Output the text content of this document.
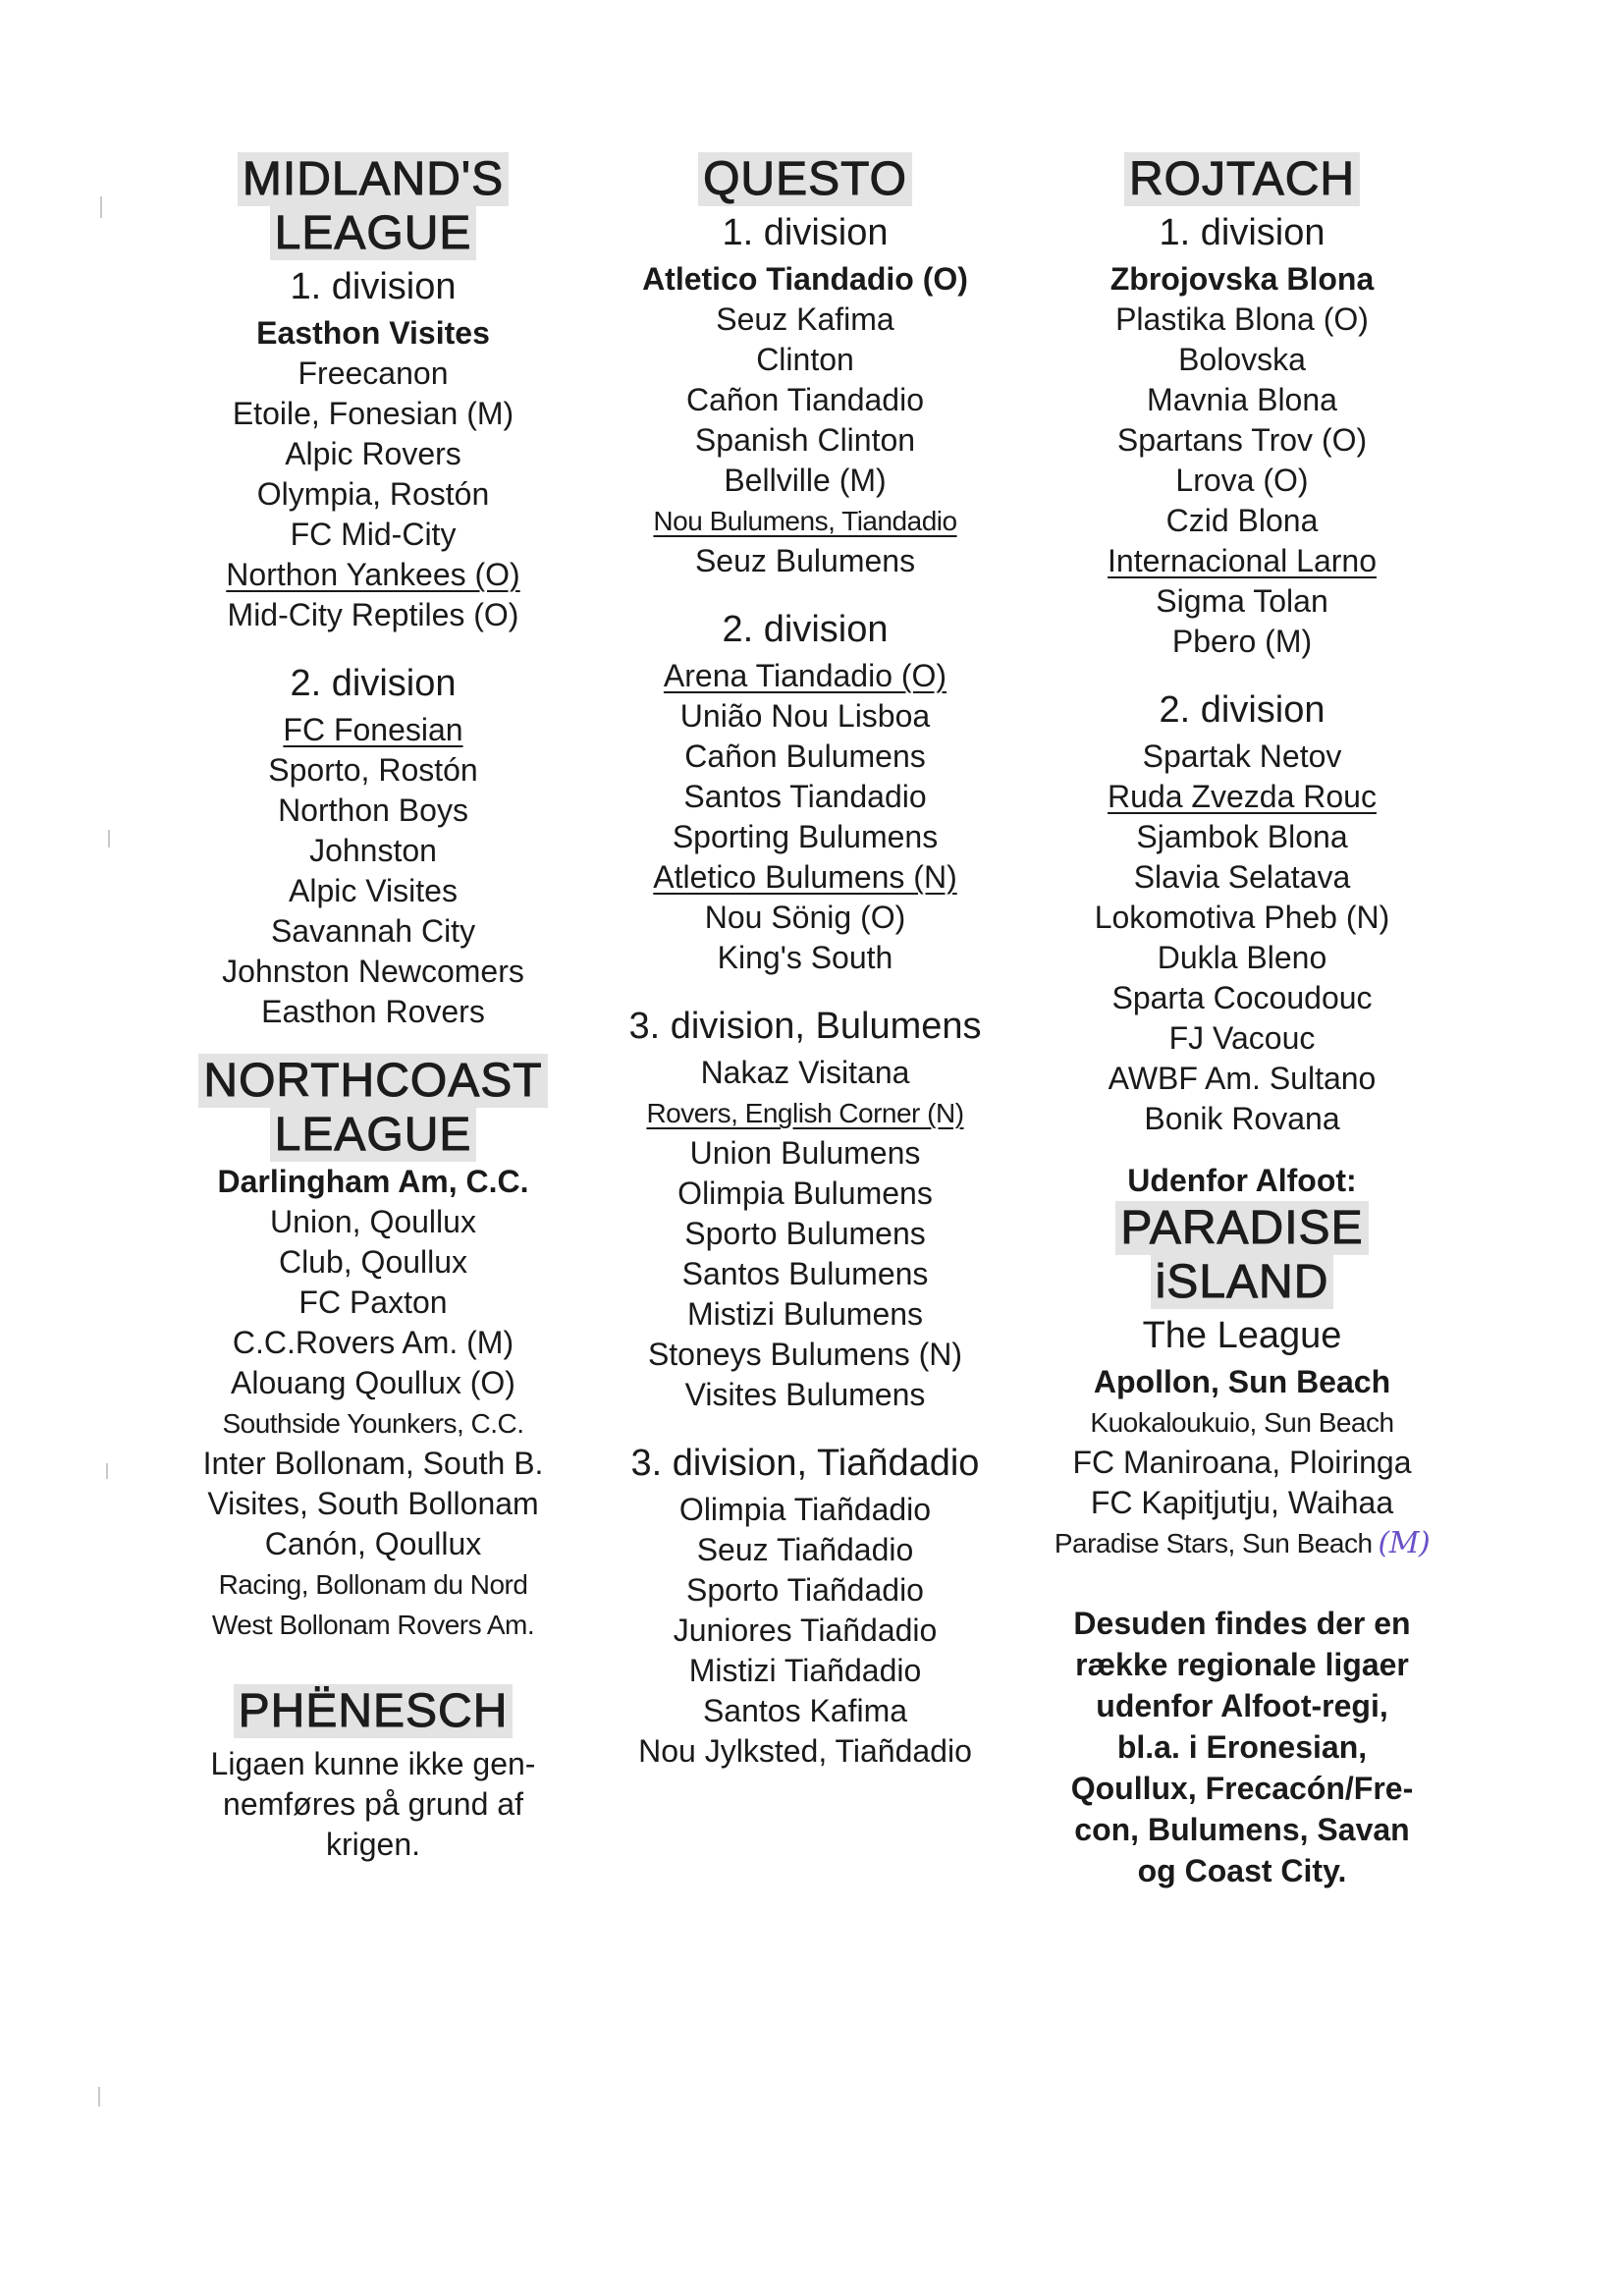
MIDLAND'S
LEAGUE
1. division
Easthon Visites
Freecanon
Etoile, Fonesian (M)
Alpic Rovers
Olympia, Rostón
FC Mid-City
Northon Yankees (O)
Mid-City Reptiles (O)
2. division
FC Fonesian
Sporto, Rostón
Northon Boys
Johnston
Alpic Visites
Savannah City
Johnston Newcomers
Easthon Rovers
NORTHCOAST
LEAGUE
Darlingham Am, C.C.
Union, Qoullux
Club, Qoullux
FC Paxton
C.C.Rovers Am. (M)
Alouang Qoullux (O)
Southside Younkers, C.C.
Inter Bollonam, South B.
Visites, South Bollonam
Canón, Qoullux
Racing, Bollonam du Nord
West Bollonam Rovers Am.
PHËNESCH
Ligaen kunne ikke gen-
nemføres på grund af
krigen.
QUESTO
1. division
Atletico Tiandadio (O)
Seuz Kafima
Clinton
Cañon Tiandadio
Spanish Clinton
Bellville (M)
Nou Bulumens, Tiandadio
Seuz Bulumens
2. division
Arena Tiandadio (O)
União Nou Lisboa
Cañon Bulumens
Santos Tiandadio
Sporting Bulumens
Atletico Bulumens (N)
Nou Sönig (O)
King's South
3. division, Bulumens
Nakaz Visitana
Rovers, English Corner (N)
Union Bulumens
Olimpia Bulumens
Sporto Bulumens
Santos Bulumens
Mistizi Bulumens
Stoneys Bulumens (N)
Visites Bulumens
3. division, Tiañdadio
Olimpia Tiañdadio
Seuz Tiañdadio
Sporto Tiañdadio
Juniores Tiañdadio
Mistizi Tiañdadio
Santos Kafima
Nou Jylksted, Tiañdadio
ROJTACH
1. division
Zbrojovska Blona
Plastika Blona (O)
Bolovska
Mavnia Blona
Spartans Trov (O)
Lrova (O)
Czid Blona
Internacional Larno
Sigma Tolan
Pbero (M)
2. division
Spartak Netov
Ruda Zvezda Rouc
Sjambok Blona
Slavia Selatava
Lokomotiva Pheb (N)
Dukla Bleno
Sparta Cocoudouc
FJ Vacouc
AWBF Am. Sultano
Bonik Rovana
Udenfor Alfoot:
PARADISE
iSLAND
The League
Apollon, Sun Beach
Kuokaloukuio, Sun Beach
FC Maniroana, Ploiringa
FC Kapitjutju, Waihaa
Paradise Stars, Sun Beach (M)
Desuden findes der en
række regionale ligaer
udenfor Alfoot-regi,
bl.a. i Eronesian,
Qoullux, Frecacón/Fre-
con, Bulumens, Savan
og Coast City.
